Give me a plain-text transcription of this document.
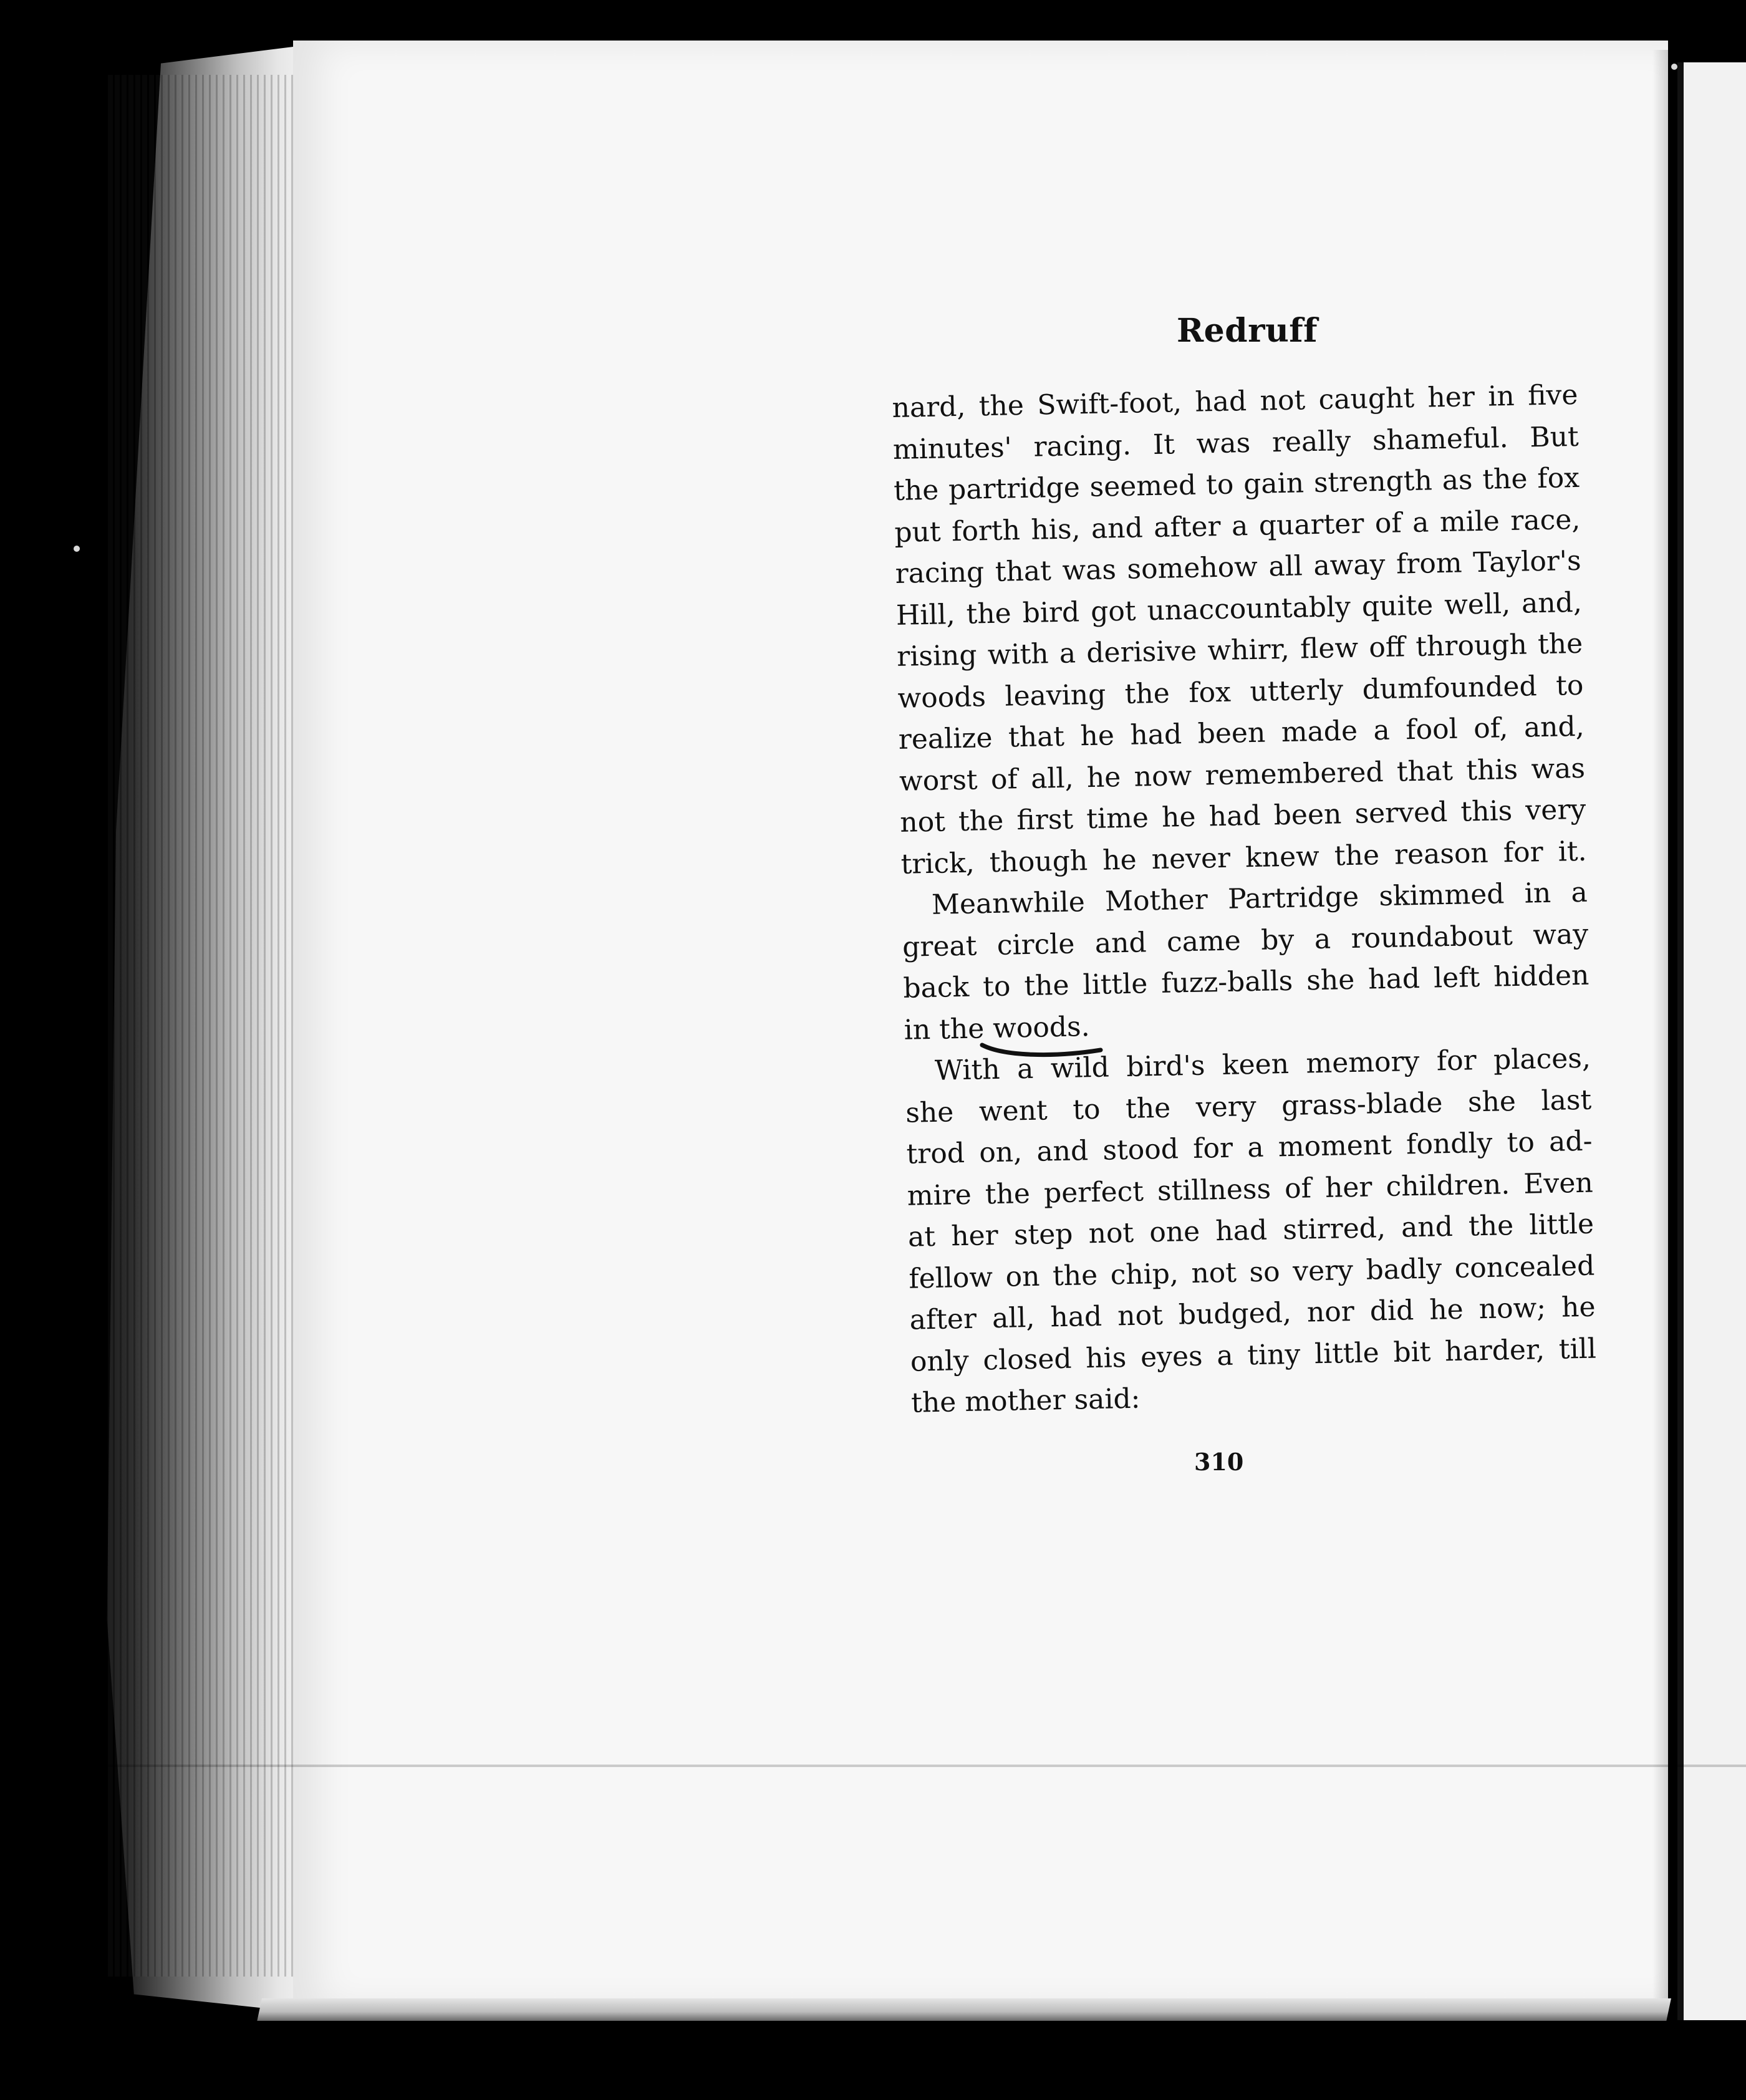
Redruff
nard, the Swift-foot, had not caught her in five
minutes' racing. It was really shameful. But
the partridge seemed to gain strength as the fox
put forth his, and after a quarter of a mile race,
racing that was somehow all away from Taylor's
Hill, the bird got unaccountably quite well, and,
rising with a derisive whirr, flew off through the
woods leaving the fox utterly dumfounded to
realize that he had been made a fool of, and,
worst of all, he now remembered that this was
not the first time he had been served this very
trick, though he never knew the reason for it.
Meanwhile Mother Partridge skimmed in a
great circle and came by a roundabout way
back to the little fuzz-balls she had left hidden
in the woods.
With a wild bird's keen memory for places,
she went to the very grass-blade she last
trod on, and stood for a moment fondly to ad-
mire the perfect stillness of her children. Even
at her step not one had stirred, and the little
fellow on the chip, not so very badly concealed
after all, had not budged, nor did he now; he
only closed his eyes a tiny little bit harder, till
the mother said:
310
